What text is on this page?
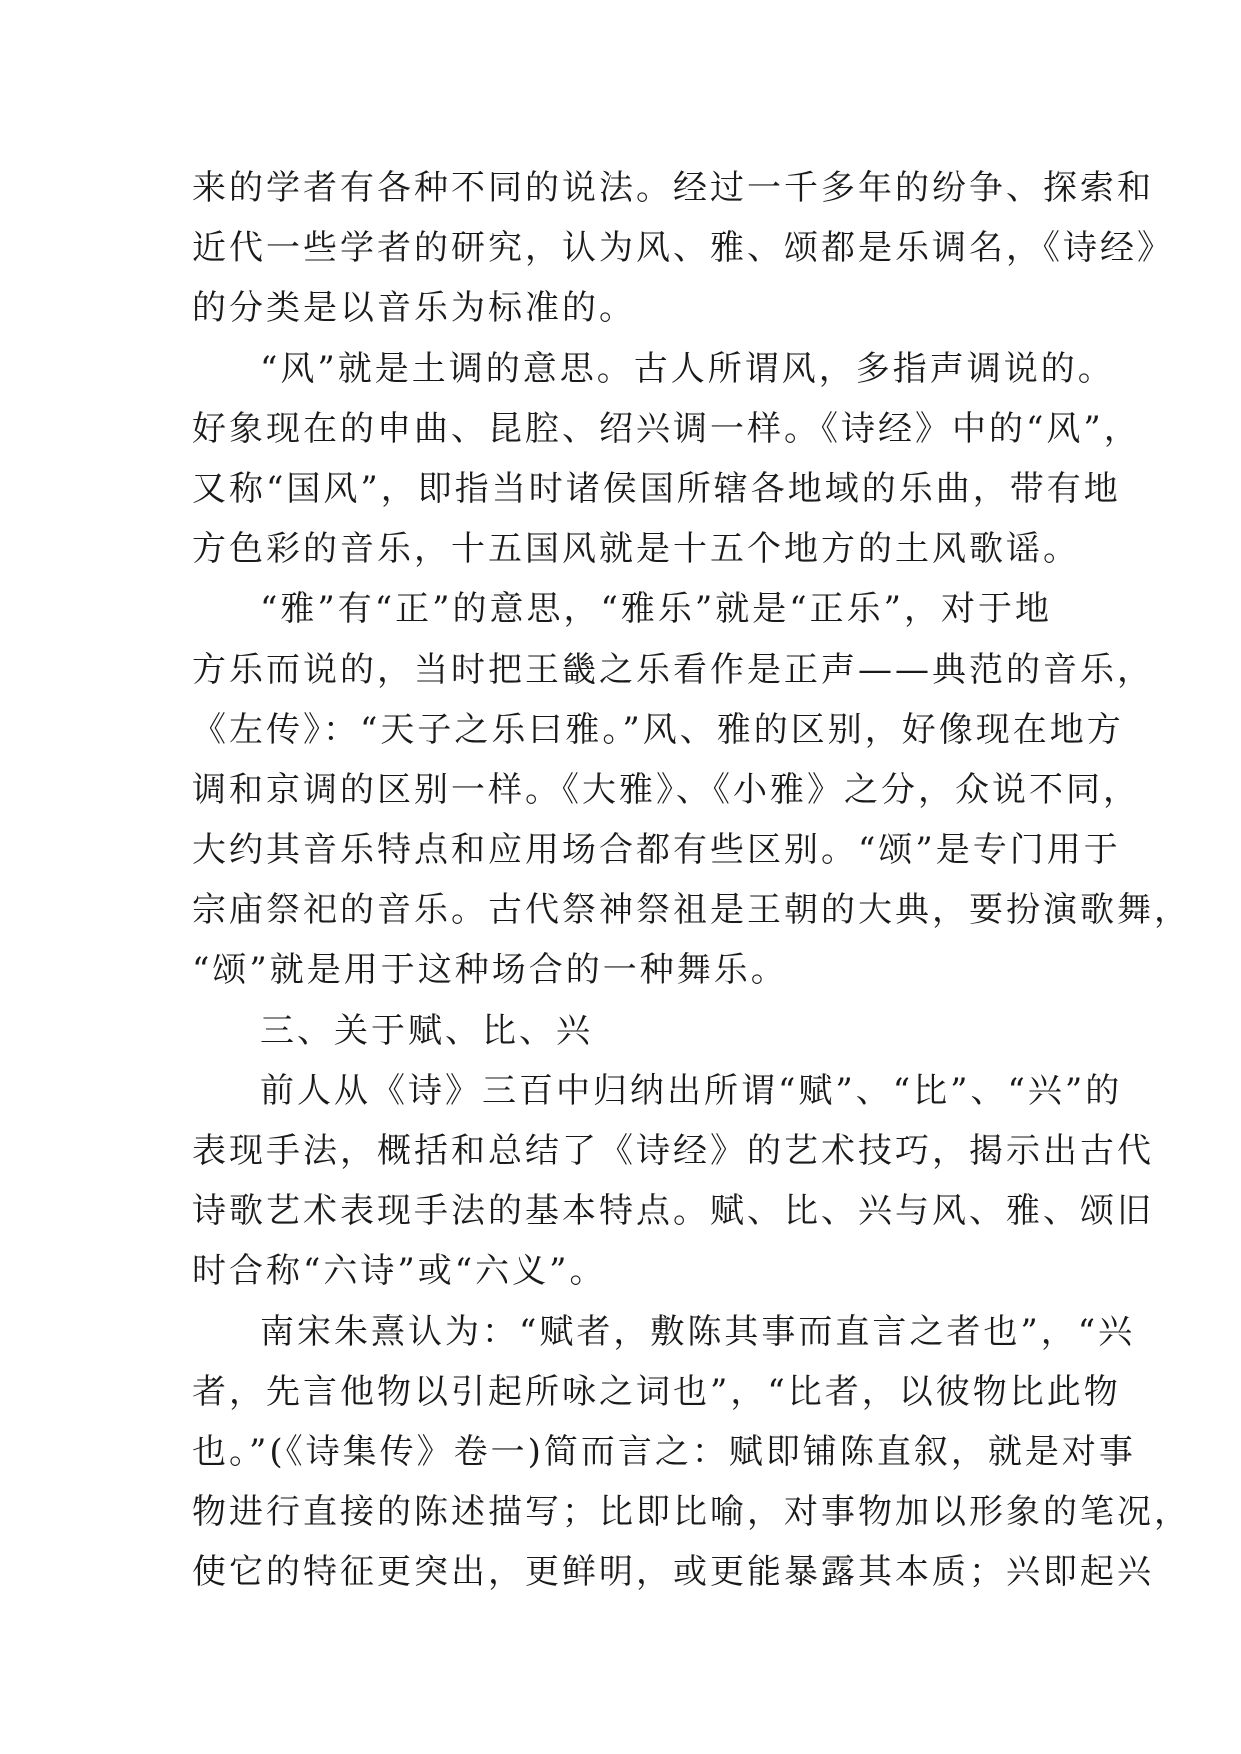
来的学者有各种不同的说法。经过一千多年的纷争、探索和
近代一些学者的研究，认为风、雅、颂都是乐调名，《诗经》
的分类是以音乐为标准的。
“风”就是土调的意思。古人所谓风，多指声调说的。
好象现在的申曲、昆腔、绍兴调一样。《诗经》中的“风”，
又称“国风”，即指当时诸侯国所辖各地域的乐曲，带有地
方色彩的音乐，十五国风就是十五个地方的土风歌谣。
“雅”有“正”的意思，“雅乐”就是“正乐”，对于地
方乐而说的，当时把王畿之乐看作是正声——典范的音乐，
《左传》：“天子之乐曰雅。”风、雅的区别，好像现在地方
调和京调的区别一样。《大雅》、《小雅》之分，众说不同，
大约其音乐特点和应用场合都有些区别。“颂”是专门用于
宗庙祭祀的音乐。古代祭神祭祖是王朝的大典，要扮演歌舞，
“颂”就是用于这种场合的一种舞乐。
三、关于赋、比、兴
前人从《诗》三百中归纳出所谓“赋”、“比”、“兴”的
表现手法，概括和总结了《诗经》的艺术技巧，揭示出古代
诗歌艺术表现手法的基本特点。赋、比、兴与风、雅、颂旧
时合称“六诗”或“六义”。
南宋朱熹认为：“赋者，敷陈其事而直言之者也”，“兴
者，先言他物以引起所咏之词也”，“比者，以彼物比此物
也。”(《诗集传》卷一)简而言之：赋即铺陈直叙，就是对事
物进行直接的陈述描写；比即比喻，对事物加以形象的笔况，
使它的特征更突出，更鲜明，或更能暴露其本质；兴即起兴
